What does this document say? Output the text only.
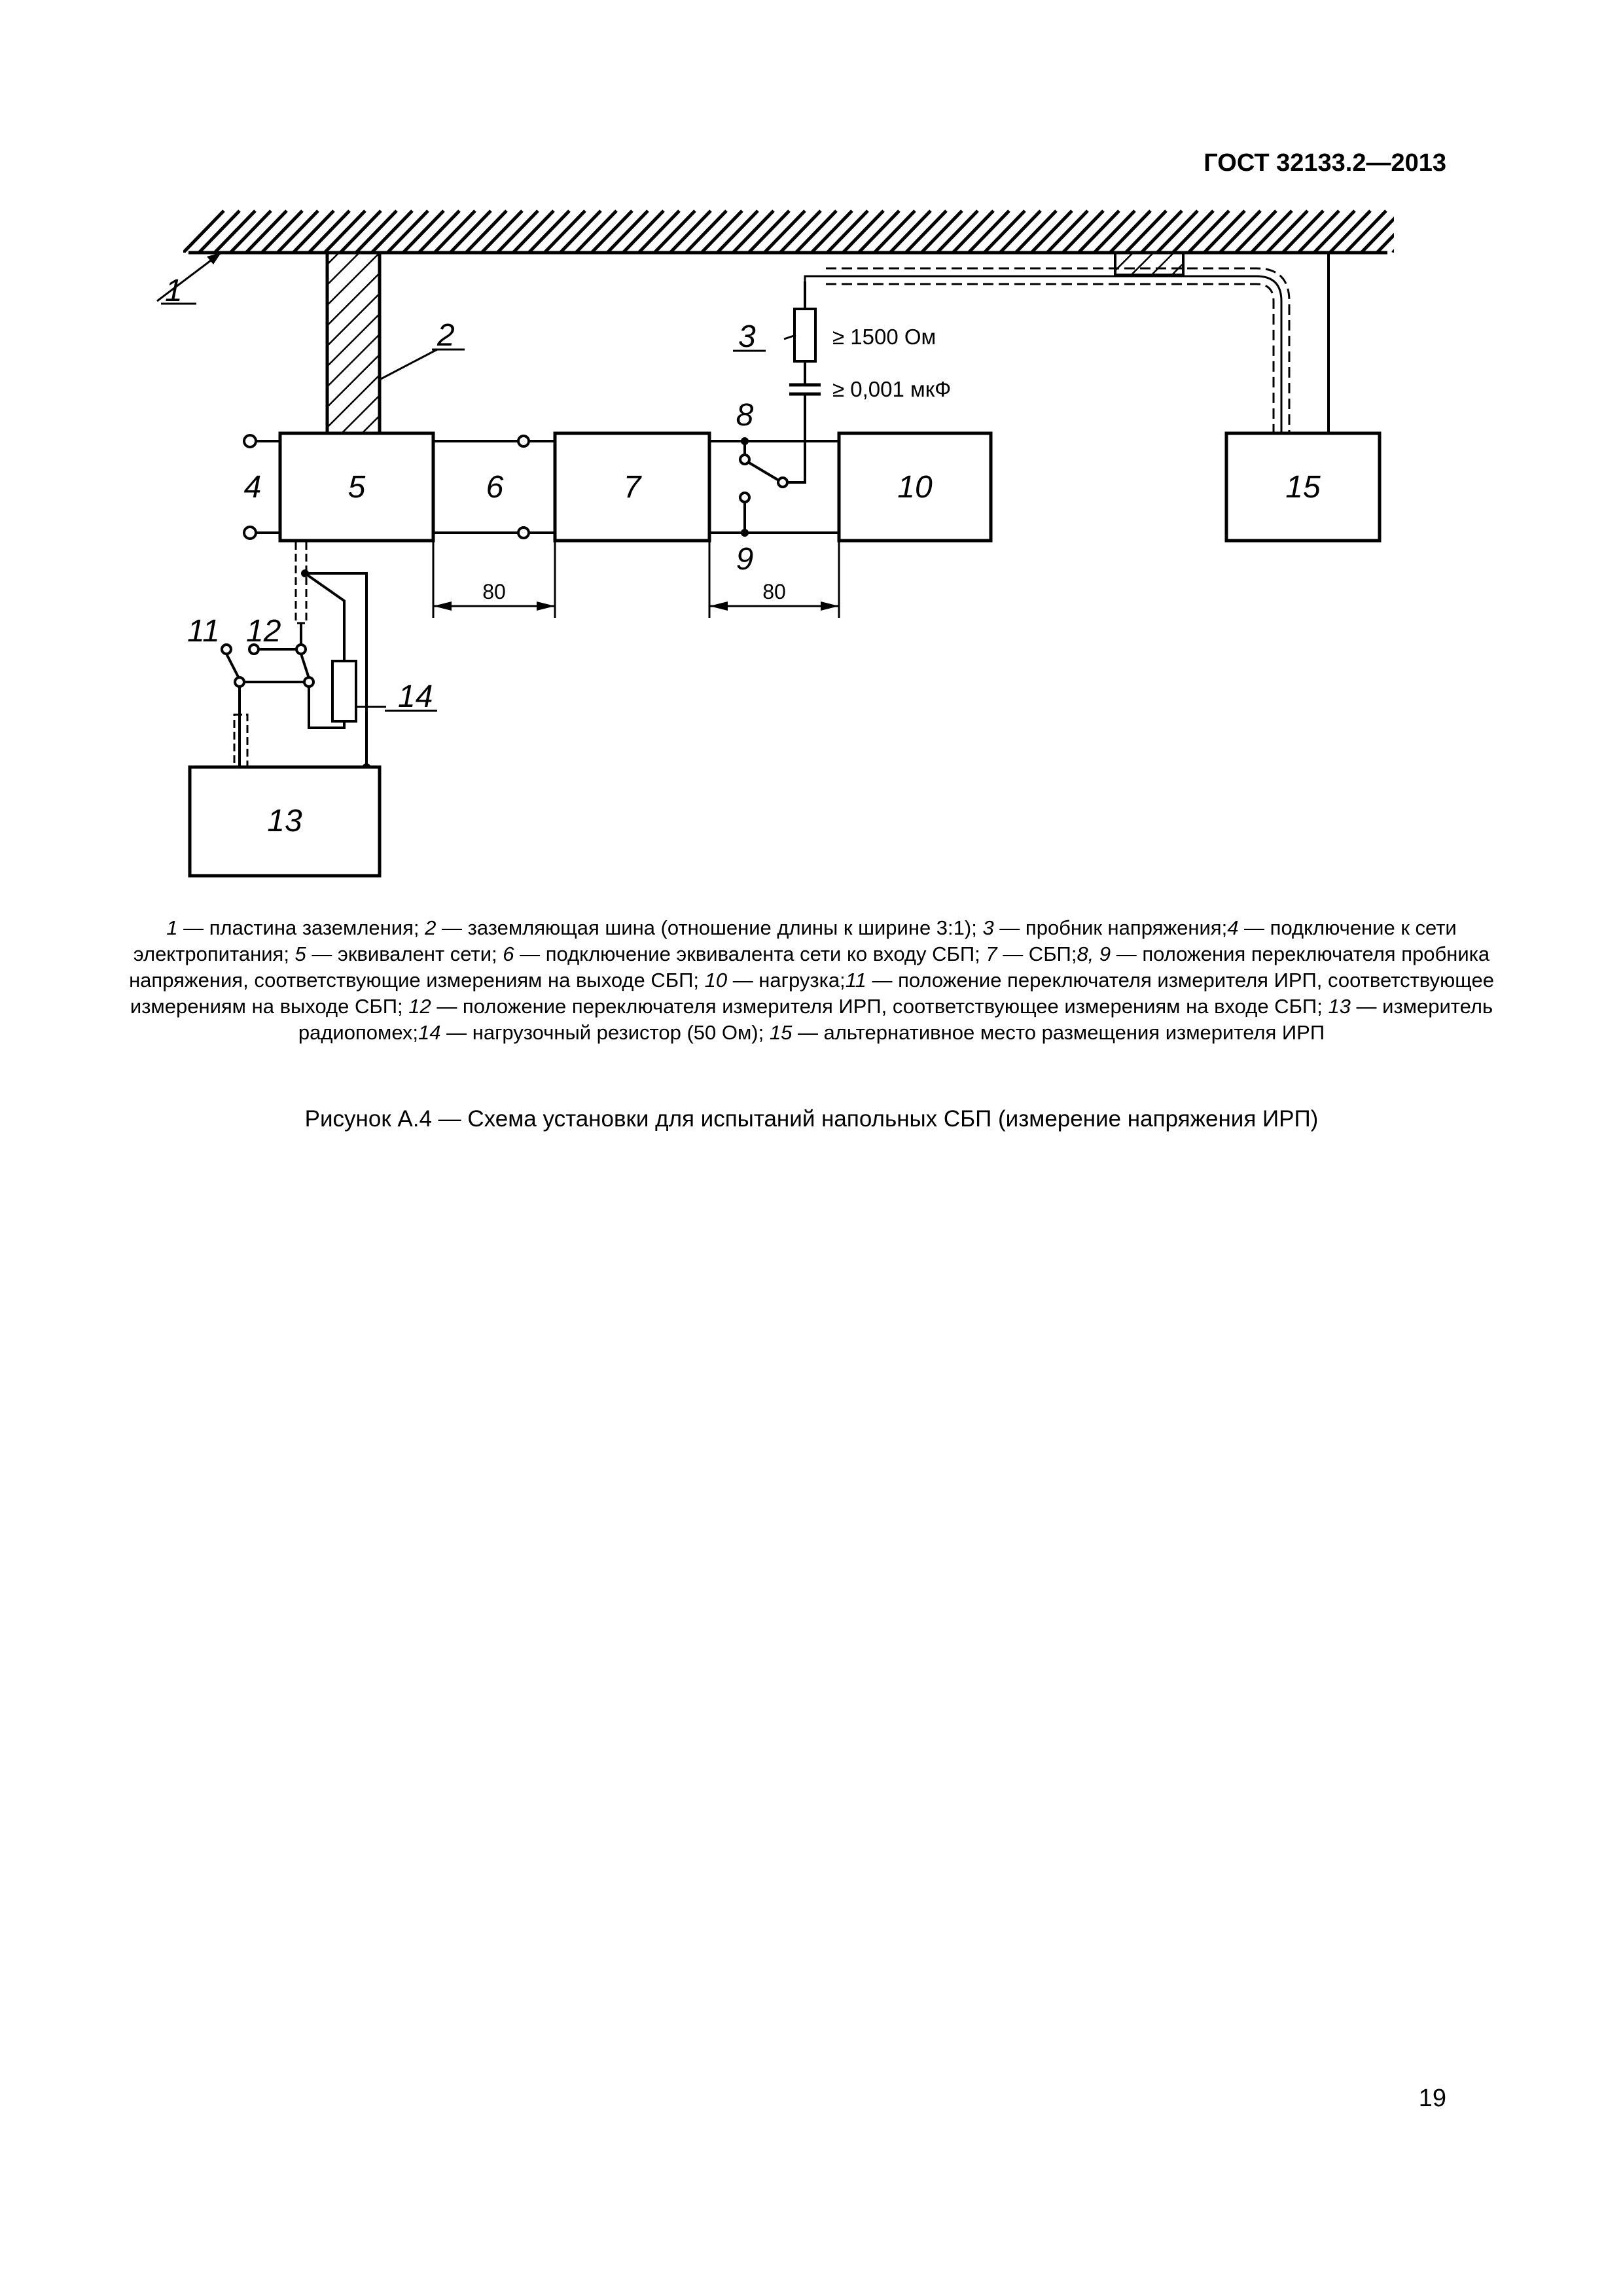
ГОСТ 32133.2—2013
1
2
5
4	6	7
8
9
3	≥ 1500 Ом
≥ 0,001 мкФ
10	15
80	80
14
11 12
13
1 — пластина заземления; 2 — заземляющая шина (отношение длины к ширине 3:1); 3 — пробник напряжения;4 — подключение к сети электропитания; 5 — эквивалент сети; 6 — подключение эквивалента сети ко входу СБП; 7 — СБП;8, 9 — положения переключателя пробника напряжения, соответствующие измерениям на выходе СБП; 10 — нагрузка;11 — положение переключателя измерителя ИРП, соответствующее измерениям на выходе СБП; 12 — положение переключателя измерителя ИРП, соответствующее измерениям на входе СБП; 13 — измеритель радиопомех;14 — нагрузочный резистор (50 Ом); 15 — альтернативное место размещения измерителя ИРП
Рисунок А.4 — Схема установки для испытаний напольных СБП (измерение напряжения ИРП)
19
